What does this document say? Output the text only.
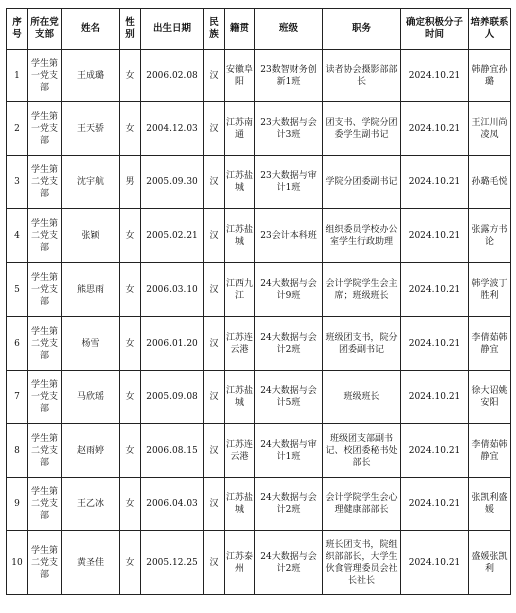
序号	所在党支部	姓名	性别	出生日期	民族	籍贯	班级	职务	确定积极分子时间	培养联系人
1	学生第一党支部	王成璐	女	2006.02.08	汉	安徽阜阳	23数智财务创新1班	读者协会摄影部部长	2024.10.21	韩静宜孙璐
2	学生第一党支部	王天骄	女	2004.12.03	汉	江苏南通	23大数据与会计3班	团支书、学院分团委学生副书记	2024.10.21	王江川尚凌凤
3	学生第二党支部	沈宇航	男	2005.09.30	汉	江苏盐城	23大数据与审计1班	学院分团委副书记	2024.10.21	孙璐毛悦
4	学生第二党支部	张颖	女	2005.02.21	汉	江苏盐城	23会计本科班	组织委员学校办公室学生行政助理	2024.10.21	张露方书论
5	学生第一党支部	熊思雨	女	2006.03.10	汉	江西九江	24大数据与会计9班	会计学院学生会主席；班级班长	2024.10.21	韩学波丁胜利
6	学生第二党支部	杨雪	女	2006.01.20	汉	江苏连云港	24大数据与会计2班	班级团支书，院分团委副书记	2024.10.21	李倩茹韩静宜
7	学生第一党支部	马欣瑶	女	2005.09.08	汉	江苏盐城	24大数据与会计5班	班级班长	2024.10.21	徐大诏姚安阳
8	学生第二党支部	赵雨婷	女	2006.08.15	汉	江苏连云港	24大数据与审计1班	班级团支部副书记、校团委秘书处部长	2024.10.21	李倩茹韩静宜
9	学生第二党支部	王乙冰	女	2006.04.03	汉	江苏盐城	24大数据与会计2班	会计学院学生会心理健康部部长	2024.10.21	张凯利盛媛
10	学生第二党支部	黄圣佳	女	2005.12.25	汉	江苏泰州	24大数据与会计2班	班长团支书，院组织部部长，大学生伙食管理委员会社长社长	2024.10.21	盛媛张凯利
